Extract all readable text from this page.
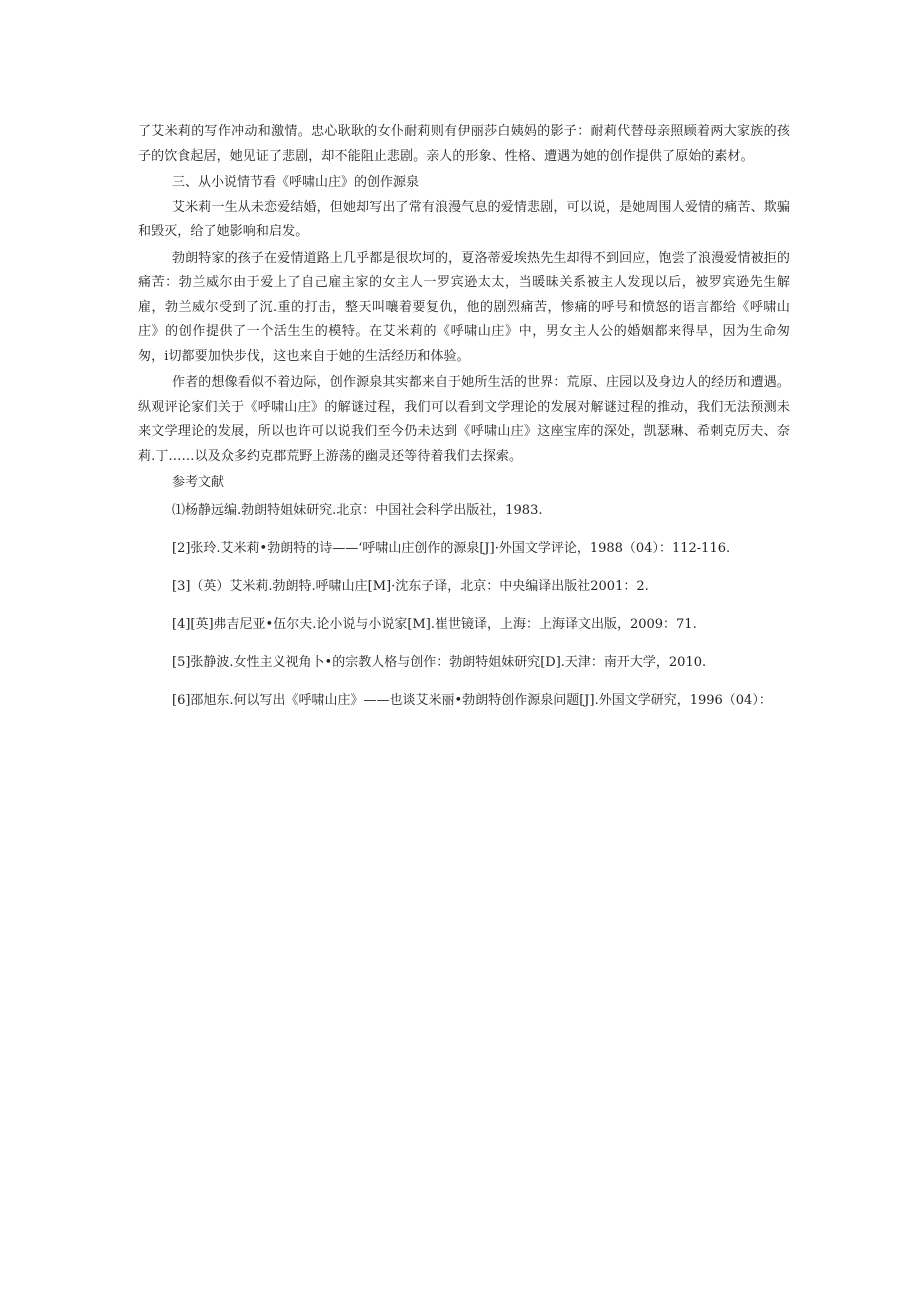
了艾米莉的写作冲动和激情。忠心耿耿的女仆耐莉则有伊丽莎白姨妈的影子：耐莉代替母亲照顾着两大家族的孩子的饮食起居，她见证了悲剧，却不能阻止悲剧。亲人的形象、性格、遭遇为她的创作提供了原始的素材。

三、从小说情节看《呼啸山庄》的创作源泉

艾米莉一生从未恋爱结婚，但她却写出了常有浪漫气息的爱情悲剧，可以说，是她周围人爱情的痛苦、欺骗和毁灭，给了她影响和启发。

勃朗特家的孩子在爱情道路上几乎都是很坎坷的，夏洛蒂爱埃热先生却得不到回应，饱尝了浪漫爱情被拒的痛苦：勃兰威尔由于爱上了自己雇主家的女主人一罗宾逊太太，当暖昧关系被主人发现以后，被罗宾逊先生解雇，勃兰威尔受到了沉.重的打击，整天叫嚷着要复仇，他的剧烈痛苦，惨痛的呼号和愤怒的语言都给《呼啸山庄》的创作提供了一个活生生的模特。在艾米莉的《呼啸山庄》中，男女主人公的婚姻都来得早，因为生命匆匆，i切都要加快步伐，这也来自于她的生活经历和体验。

作者的想像看似不着边际，创作源泉其实都来自于她所生活的世界：荒原、庄园以及身边人的经历和遭遇。纵观评论家们关于《呼啸山庄》的解谜过程，我们可以看到文学理论的发展对解谜过程的推动，我们无法预测未来文学理论的发展，所以也许可以说我们至今仍未达到《呼啸山庄》这座宝库的深处，凯瑟琳、希刺克厉夫、奈莉.丁……以及众多约克郡荒野上游荡的幽灵还等待着我们去探索。

参考文献

⑴杨静远编.勃朗特姐妹研究.北京：中国社会科学出版社，1983.

[2]张玲.艾米莉•勃朗特的诗——‘呼啸山庄创作的源泉[J]·外国文学评论，1988（04）：112-116.

[3]（英）艾米莉.勃朗特.呼啸山庄[M]·沈东子译，北京：中央编译出版社2001：2.

[4][英]弗吉尼亚•伍尔夫.论小说与小说家[M].崔世镜译，上海：上海译文出版，2009：71.

[5]张静波.女性主义视角卜•的宗教人格与创作：勃朗特姐妹研究[D].天津：南开大学，2010.

[6]邵旭东.何以写出《呼啸山庄》——也谈艾米丽•勃朗特创作源泉问题[J].外国文学研究，1996（04）：
